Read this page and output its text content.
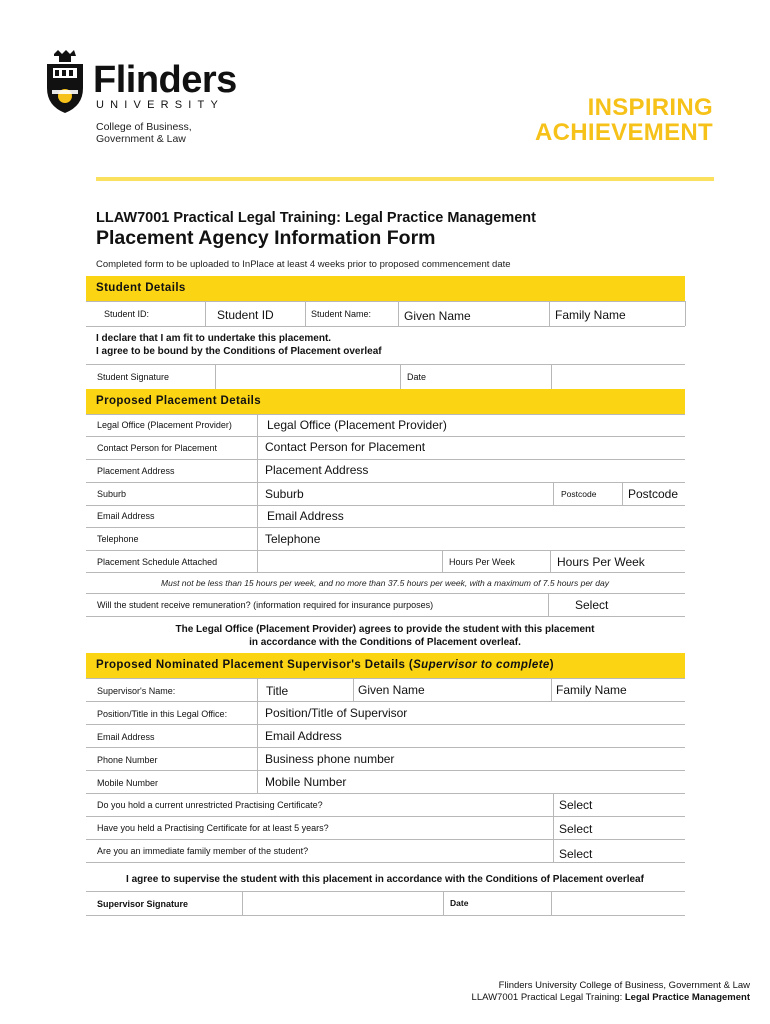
Flinders
UNIVERSITY
College of Business,
Government & Law
INSPIRING
ACHIEVEMENT
LLAW7001 Practical Legal Training: Legal Practice Management
Placement Agency Information Form
Completed form to be uploaded to InPlace at least 4 weeks prior to proposed commencement date
Student Details
Student ID:	Student ID	Student Name:	Given Name	Family Name
I declare that I am fit to undertake this placement.
I agree to be bound by the Conditions of Placement overleaf
Student Signature	Date
Proposed Placement Details
Legal Office (Placement Provider)	Legal Office (Placement Provider)
Contact Person for Placement	Contact Person for Placement
Placement Address	Placement Address
Suburb	Suburb	Postcode	Postcode
Email Address	Email Address
Telephone	Telephone
Placement Schedule Attached	Hours Per Week	Hours Per Week
Must not be less than 15 hours per week, and no more than 37.5 hours per week, with a maximum of 7.5 hours per day
Will the student receive remuneration? (information required for insurance purposes)	Select
The Legal Office (Placement Provider) agrees to provide the student with this placement
in accordance with the Conditions of Placement overleaf.
Proposed Nominated Placement Supervisor's Details (Supervisor to complete)
Supervisor's Name:	Title	Given Name	Family Name
Position/Title in this Legal Office:	Position/Title of Supervisor
Email Address	Email Address
Phone Number	Business phone number
Mobile Number	Mobile Number
Do you hold a current unrestricted Practising Certificate?	Select
Have you held a Practising Certificate for at least 5 years?	Select
Are you an immediate family member of the student?	Select
I agree to supervise the student with this placement in accordance with the Conditions of Placement overleaf
Supervisor Signature	Date
Flinders University College of Business, Government & Law
LLAW7001 Practical Legal Training: Legal Practice Management
